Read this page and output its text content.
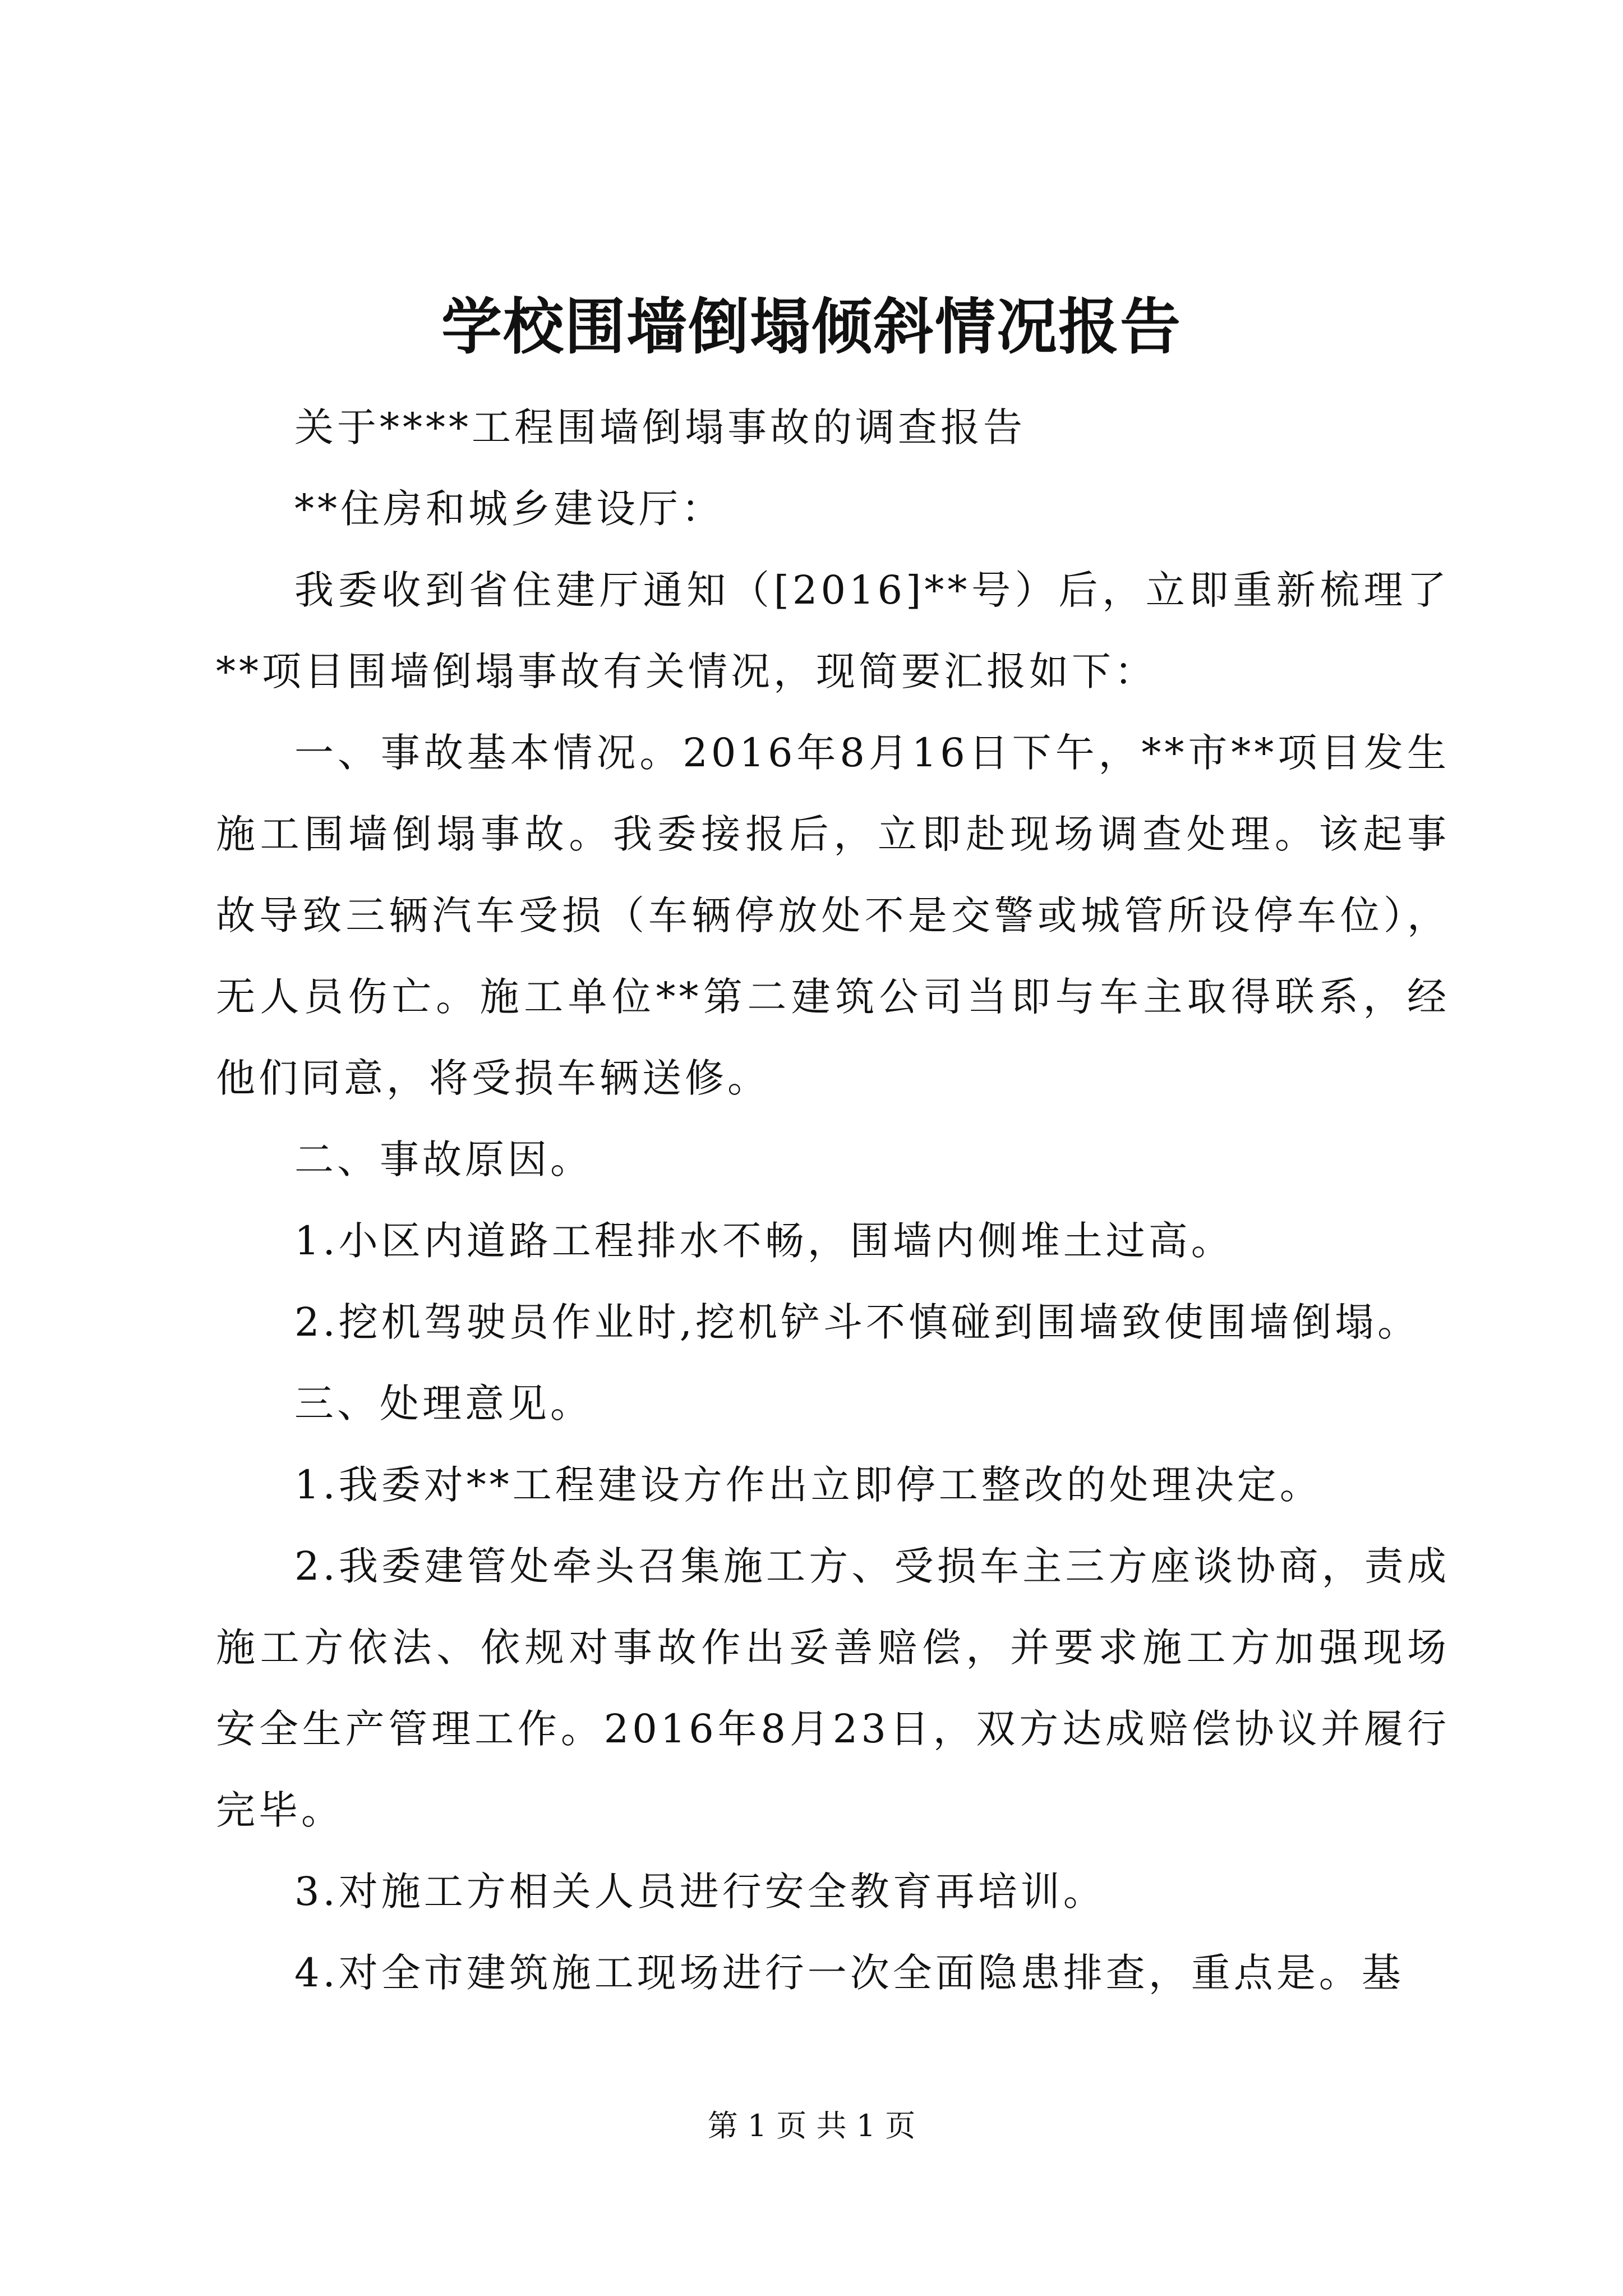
学校围墙倒塌倾斜情况报告

关于****工程围墙倒塌事故的调查报告

**住房和城乡建设厅：

我委收到省住建厅通知（[2016]**号）后，立即重新梳理了**项目围墙倒塌事故有关情况，现简要汇报如下：

一、事故基本情况。2016年8月16日下午，**市**项目发生施工围墙倒塌事故。我委接报后，立即赴现场调查处理。该起事故导致三辆汽车受损（车辆停放处不是交警或城管所设停车位），无人员伤亡。施工单位**第二建筑公司当即与车主取得联系，经他们同意，将受损车辆送修。

二、事故原因。

1.小区内道路工程排水不畅，围墙内侧堆土过高。

2.挖机驾驶员作业时,挖机铲斗不慎碰到围墙致使围墙倒塌。

三、处理意见。

1.我委对**工程建设方作出立即停工整改的处理决定。

2.我委建管处牵头召集施工方、受损车主三方座谈协商，责成施工方依法、依规对事故作出妥善赔偿，并要求施工方加强现场安全生产管理工作。2016年8月23日，双方达成赔偿协议并履行完毕。

3.对施工方相关人员进行安全教育再培训。

4.对全市建筑施工现场进行一次全面隐患排查，重点是。基

第 1 页 共 1 页
